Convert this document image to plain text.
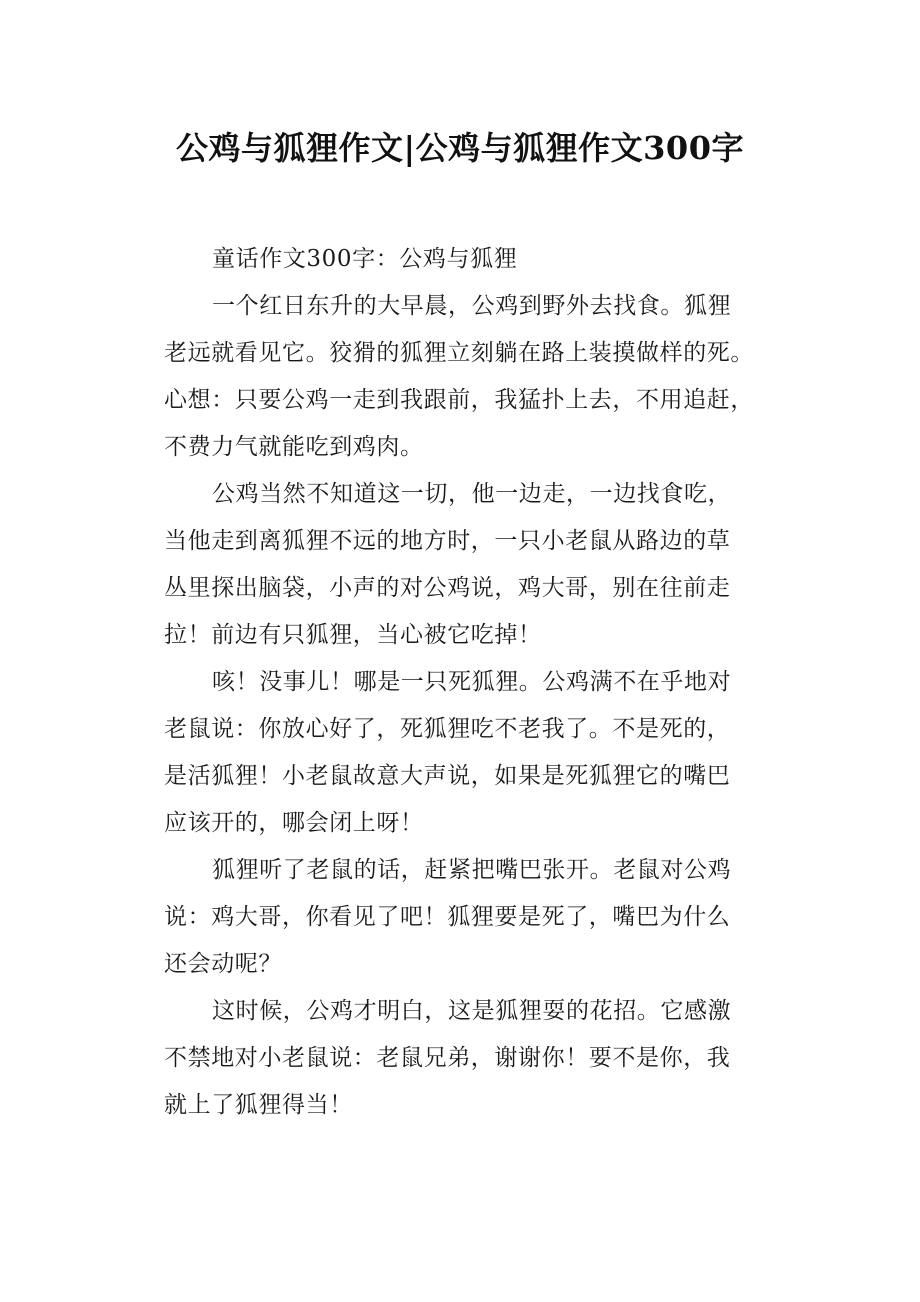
公鸡与狐狸作文|公鸡与狐狸作文300字
童话作文300字：公鸡与狐狸
一个红日东升的大早晨，公鸡到野外去找食。狐狸
老远就看见它。狡猾的狐狸立刻躺在路上装摸做样的死。
心想：只要公鸡一走到我跟前，我猛扑上去，不用追赶，
不费力气就能吃到鸡肉。
公鸡当然不知道这一切，他一边走，一边找食吃，
当他走到离狐狸不远的地方时，一只小老鼠从路边的草
丛里探出脑袋，小声的对公鸡说，鸡大哥，别在往前走
拉！前边有只狐狸，当心被它吃掉！
咳！没事儿！哪是一只死狐狸。公鸡满不在乎地对
老鼠说：你放心好了，死狐狸吃不老我了。不是死的，
是活狐狸！小老鼠故意大声说，如果是死狐狸它的嘴巴
应该开的，哪会闭上呀！
狐狸听了老鼠的话，赶紧把嘴巴张开。老鼠对公鸡
说：鸡大哥，你看见了吧！狐狸要是死了，嘴巴为什么
还会动呢？
这时候，公鸡才明白，这是狐狸耍的花招。它感激
不禁地对小老鼠说：老鼠兄弟，谢谢你！要不是你，我
就上了狐狸得当！
